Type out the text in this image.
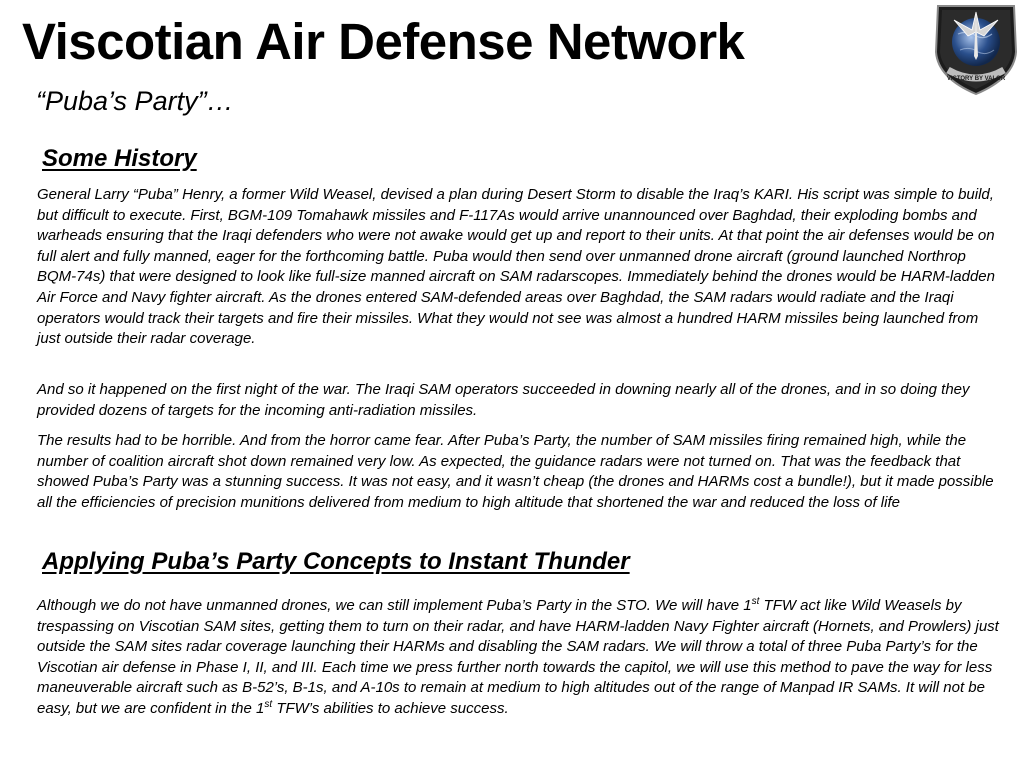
Viscotian Air Defense Network
“Puba’s Party”…
VICTORY BY VALOR
Some History

General Larry “Puba” Henry, a former Wild Weasel, devised a plan during Desert Storm to disable the Iraq’s KARI. His script was simple to build, but difficult to execute. First, BGM-109 Tomahawk missiles and F-117As would arrive unannounced over Baghdad, their exploding bombs and warheads ensuring that the Iraqi defenders who were not awake would get up and report to their units. At that point the air defenses would be on full alert and fully manned, eager for the forthcoming battle. Puba would then send over unmanned drone aircraft (ground launched Northrop BQM-74s) that were designed to look like full-size manned aircraft on SAM radarscopes. Immediately behind the drones would be HARM-ladden Air Force and Navy fighter aircraft. As the drones entered SAM-defended areas over Baghdad, the SAM radars would radiate and the Iraqi operators would track their targets and fire their missiles. What they would not see was almost a hundred HARM missiles being launched from just outside their radar coverage.

And so it happened on the first night of the war. The Iraqi SAM operators succeeded in downing nearly all of the drones, and in so doing they provided dozens of targets for the incoming anti-radiation missiles.

The results had to be horrible. And from the horror came fear. After Puba’s Party, the number of SAM missiles firing remained high, while the number of coalition aircraft shot down remained very low. As expected, the guidance radars were not turned on. That was the feedback that showed Puba’s Party was a stunning success. It was not easy, and it wasn’t cheap (the drones and HARMs cost a bundle!), but it made possible all the efficiencies of precision munitions delivered from medium to high altitude that shortened the war and reduced the loss of life

Applying Puba’s Party Concepts to Instant Thunder

Although we do not have unmanned drones, we can still implement Puba’s Party in the STO. We will have 1st TFW act like Wild Weasels by trespassing on Viscotian SAM sites, getting them to turn on their radar, and have HARM-ladden Navy Fighter aircraft (Hornets, and Prowlers) just outside the SAM sites radar coverage launching their HARMs and disabling the SAM radars. We will throw a total of three Puba Party’s for the Viscotian air defense in Phase I, II, and III. Each time we press further north towards the capitol, we will use this method to pave the way for less maneuverable aircraft such as B-52’s, B-1s, and A-10s to remain at medium to high altitudes out of the range of Manpad IR SAMs. It will not be easy, but we are confident in the 1st TFW’s abilities to achieve success.
